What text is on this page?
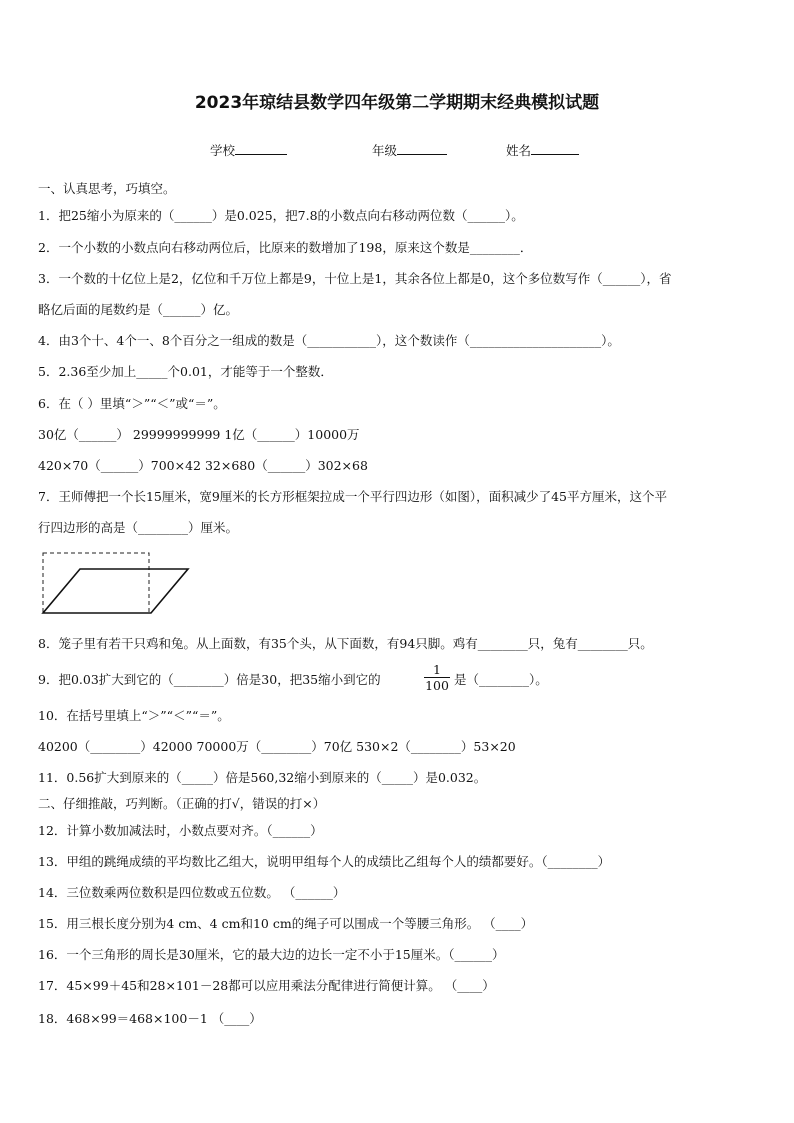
2023年琼结县数学四年级第二学期期末经典模拟试题
学校	年级	姓名
一、认真思考，巧填空。
1．把25缩小为原来的（______）是0.025，把7.8的小数点向右移动两位数（______）。
2．一个小数的小数点向右移动两位后，比原来的数增加了198，原来这个数是________．
3．一个数的十亿位上是2，亿位和千万位上都是9，十位上是1，其余各位上都是0，这个多位数写作（______），省
略亿后面的尾数约是（______）亿。
4．由3个十、4个一、8个百分之一组成的数是（___________），这个数读作（_____________________）。
5．2.36至少加上_____个0.01，才能等于一个整数．
6．在（ ）里填“＞”“＜”或“＝”。
30亿（______） 29999999999 1亿（______）10000万
420×70（______）700×42 32×680（______）302×68
7．王师傅把一个长15厘米，宽9厘米的长方形框架拉成一个平行四边形（如图），面积减少了45平方厘米，这个平
行四边形的高是（________）厘米。
8．笼子里有若干只鸡和兔。从上面数，有35个头，从下面数，有94只脚。鸡有________只，兔有________只。
9．把0.03扩大到它的（________）倍是30，把35缩小到它的	$\frac{1}{100}$ 是（________）。
10．在括号里填上“＞”“＜”“＝”。
40200（________）42000 70000万（________）70亿 530×2（________）53×20
11．0.56扩大到原来的（_____）倍是560,32缩小到原来的（_____）是0.032。
二、仔细推敲，巧判断。（正确的打√，错误的打×）
12．计算小数加减法时，小数点要对齐。（______）
13．甲组的跳绳成绩的平均数比乙组大，说明甲组每个人的成绩比乙组每个人的绩都要好。（________）
14．三位数乘两位数积是四位数或五位数。 （______）
15．用三根长度分别为4 cm、4 cm和10 cm的绳子可以围成一个等腰三角形。 （____）
16．一个三角形的周长是30厘米，它的最大边的边长一定不小于15厘米。（______）
17．45×99＋45和28×101－28都可以应用乘法分配律进行简便计算。 （____）
18．468×99＝468×100－1 （____）
